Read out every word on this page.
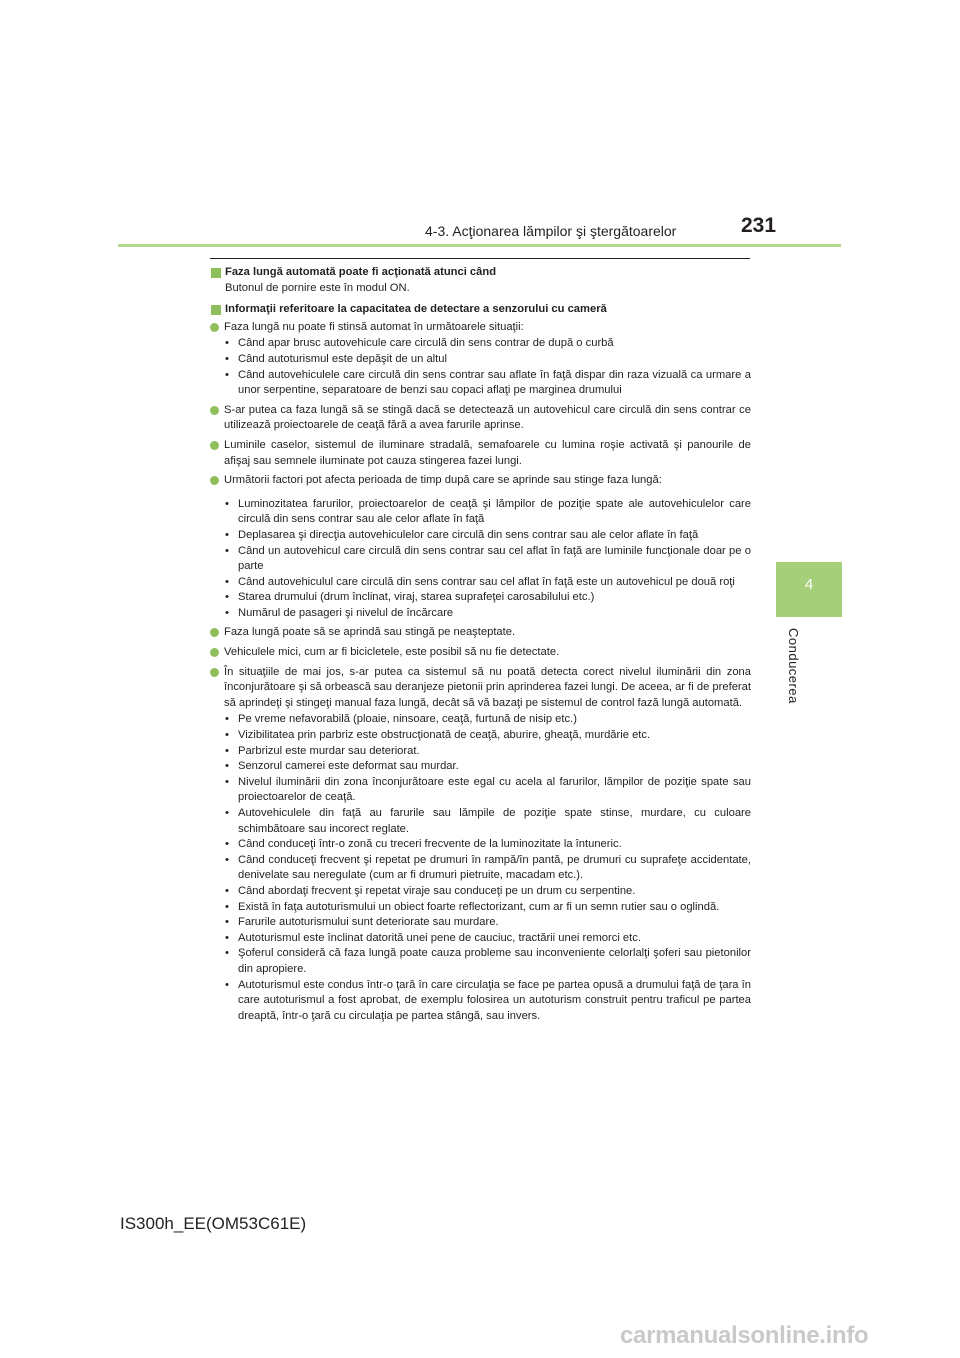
4-3. Acţionarea lămpilor şi ştergătoarelor	231
4
Conducerea
Faza lungă automată poate fi acţionată atunci când
Butonul de pornire este în modul ON.
Informaţii referitoare la capacitatea de detectare a senzorului cu cameră
Faza lungă nu poate fi stinsă automat în următoarele situaţii:
• Când apar brusc autovehicule care circulă din sens contrar de după o curbă
• Când autoturismul este depăşit de un altul
• Când autovehiculele care circulă din sens contrar sau aflate în faţă dispar din raza vizuală ca urmare a unor serpentine, separatoare de benzi sau copaci aflaţi pe marginea drumului
S-ar putea ca faza lungă să se stingă dacă se detectează un autovehicul care circulă din sens contrar ce utilizează proiectoarele de ceaţă fără a avea farurile aprinse.
Luminile caselor, sistemul de iluminare stradală, semafoarele cu lumina roşie activată şi panourile de afişaj sau semnele iluminate pot cauza stingerea fazei lungi.
Următorii factori pot afecta perioada de timp după care se aprinde sau stinge faza lungă:
• Luminozitatea farurilor, proiectoarelor de ceaţă şi lămpilor de poziţie spate ale autovehiculelor care circulă din sens contrar sau ale celor aflate în faţă
• Deplasarea şi direcţia autovehiculelor care circulă din sens contrar sau ale celor aflate în faţă
• Când un autovehicul care circulă din sens contrar sau cel aflat în faţă are luminile funcţionale doar pe o parte
• Când autovehiculul care circulă din sens contrar sau cel aflat în faţă este un autovehicul pe două roţi
• Starea drumului (drum înclinat, viraj, starea suprafeţei carosabilului etc.)
• Numărul de pasageri şi nivelul de încărcare
Faza lungă poate să se aprindă sau stingă pe neaşteptate.
Vehiculele mici, cum ar fi bicicletele, este posibil să nu fie detectate.
În situaţiile de mai jos, s-ar putea ca sistemul să nu poată detecta corect nivelul iluminării din zona înconjurătoare şi să orbească sau deranjeze pietonii prin aprinderea fazei lungi. De aceea, ar fi de preferat să aprindeţi şi stingeţi manual faza lungă, decât să vă bazaţi pe sistemul de control fază lungă automată.
• Pe vreme nefavorabilă (ploaie, ninsoare, ceaţă, furtună de nisip etc.)
• Vizibilitatea prin parbriz este obstrucţionată de ceaţă, aburire, gheaţă, murdărie etc.
• Parbrizul este murdar sau deteriorat.
• Senzorul camerei este deformat sau murdar.
• Nivelul iluminării din zona înconjurătoare este egal cu acela al farurilor, lămpilor de poziţie spate sau proiectoarelor de ceaţă.
• Autovehiculele din faţă au farurile sau lămpile de poziţie spate stinse, murdare, cu culoare schimbătoare sau incorect reglate.
• Când conduceţi într-o zonă cu treceri frecvente de la luminozitate la întuneric.
• Când conduceţi frecvent şi repetat pe drumuri în rampă/în pantă, pe drumuri cu suprafeţe accidentate, denivelate sau neregulate (cum ar fi drumuri pietruite, macadam etc.).
• Când abordaţi frecvent şi repetat viraje sau conduceţi pe un drum cu serpentine.
• Există în faţa autoturismului un obiect foarte reflectorizant, cum ar fi un semn rutier sau o oglindă.
• Farurile autoturismului sunt deteriorate sau murdare.
• Autoturismul este înclinat datorită unei pene de cauciuc, tractării unei remorci etc.
• Şoferul consideră că faza lungă poate cauza probleme sau inconveniente celorlalţi şoferi sau pietonilor din apropiere.
• Autoturismul este condus într-o ţară în care circulaţia se face pe partea opusă a drumului faţă de ţara în care autoturismul a fost aprobat, de exemplu folosirea un autoturism construit pentru traficul pe partea dreaptă, într-o ţară cu circulaţia pe partea stângă, sau invers.
IS300h_EE(OM53C61E)
carmanualsonline.info
